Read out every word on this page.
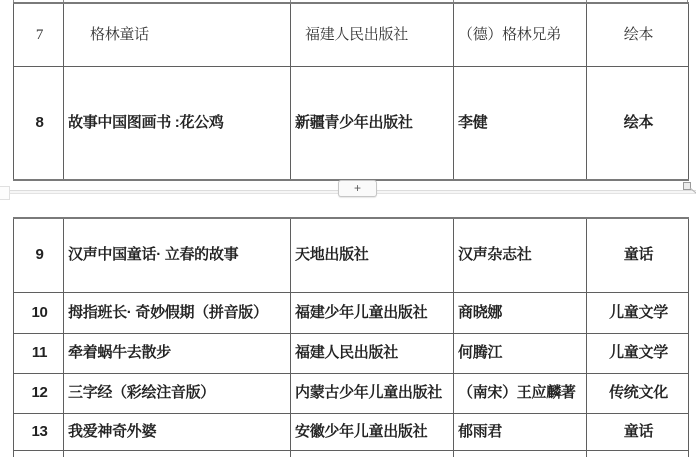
7	格林童话	福建人民出版社	（德）格林兄弟	绘本
8	故事中国图画书 :花公鸡	新疆青少年出版社	李健	绘本
+
9	汉声中国童话· 立春的故事	天地出版社	汉声杂志社	童话
10	拇指班长· 奇妙假期（拼音版）	福建少年儿童出版社	商晓娜	儿童文学
11	牵着蜗牛去散步	福建人民出版社	何腾江	儿童文学
12	三字经（彩绘注音版）	内蒙古少年儿童出版社	（南宋）王应麟著	传统文化
13	我爱神奇外婆	安徽少年儿童出版社	郁雨君	童话
